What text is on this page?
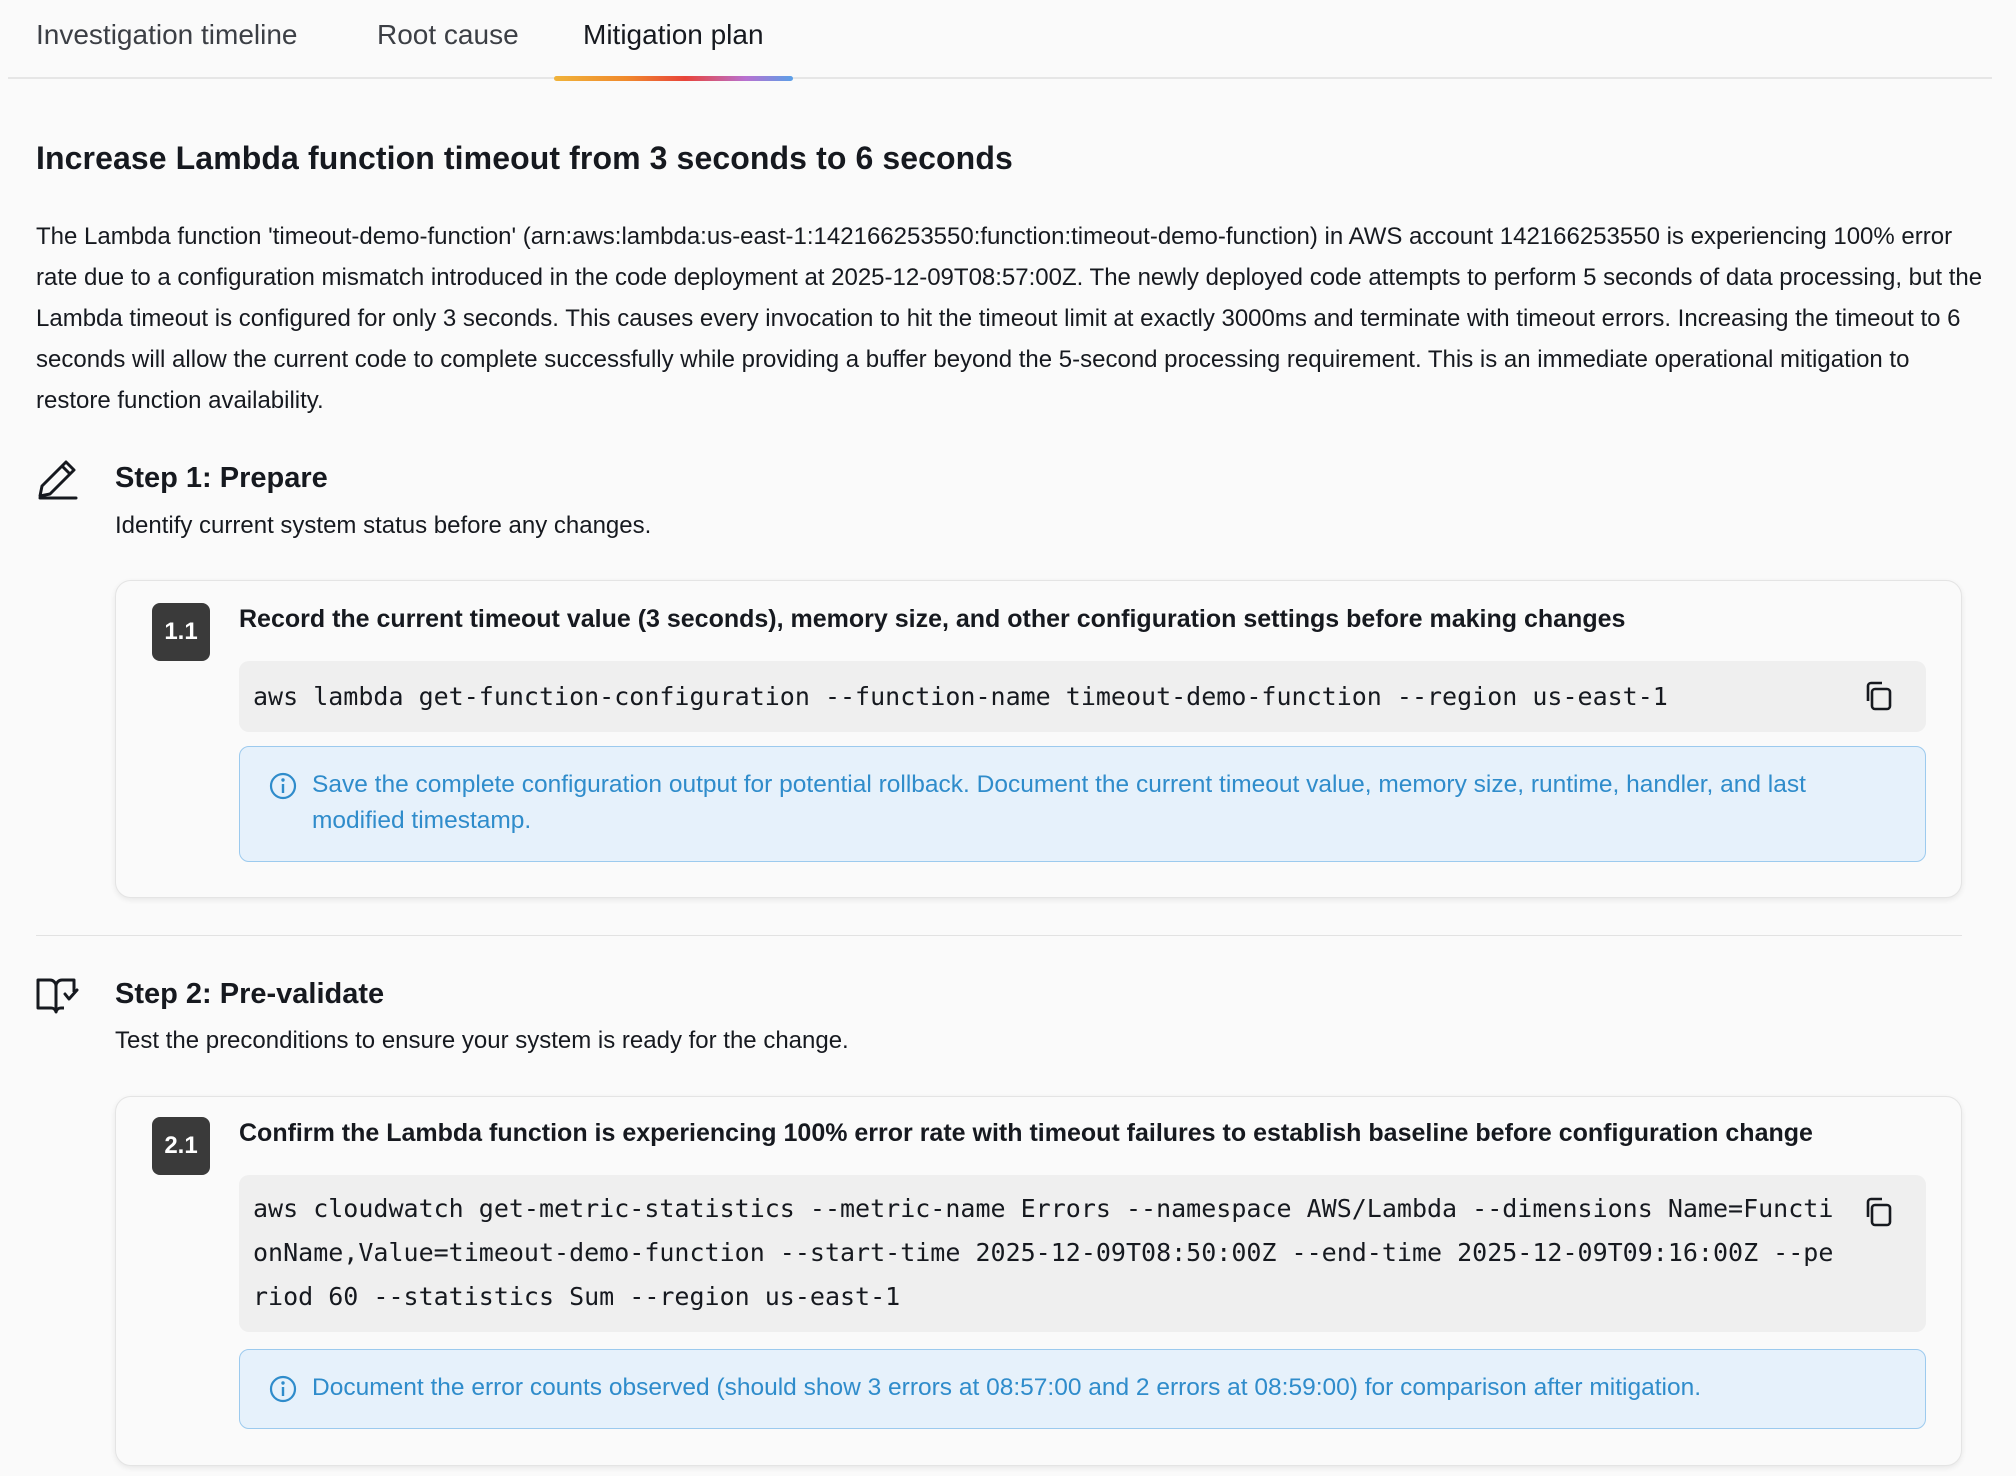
Investigation timeline	Root cause Mitigation plan
Increase Lambda function timeout from 3 seconds to 6 seconds
The Lambda function 'timeout-demo-function' (arn:aws:lambda:us-east-1:142166253550:function:timeout-demo-function) in AWS account 142166253550 is experiencing 100% error rate due to a configuration mismatch introduced in the code deployment at 2025-12-09T08:57:00Z. The newly deployed code attempts to perform 5 seconds of data processing, but the Lambda timeout is configured for only 3 seconds. This causes every invocation to hit the timeout limit at exactly 3000ms and terminate with timeout errors. Increasing the timeout to 6 seconds will allow the current code to complete successfully while providing a buffer beyond the 5-second processing requirement. This is an immediate operational mitigation to restore function availability.
Step 1: Prepare
Identify current system status before any changes.
1.1	Record the current timeout value (3 seconds), memory size, and other configuration settings before making changes
aws lambda get-function-configuration --function-name timeout-demo-function --region us-east-1
Save the complete configuration output for potential rollback. Document the current timeout value, memory size, runtime, handler, and last modified timestamp.
Step 2: Pre-validate
Test the preconditions to ensure your system is ready for the change.
2.1	Confirm the Lambda function is experiencing 100% error rate with timeout failures to establish baseline before configuration change
aws cloudwatch get-metric-statistics --metric-name Errors --namespace AWS/Lambda --dimensions Name=FunctionName,Value=timeout-demo-function --start-time 2025-12-09T08:50:00Z --end-time 2025-12-09T09:16:00Z --period 60 --statistics Sum --region us-east-1
Document the error counts observed (should show 3 errors at 08:57:00 and 2 errors at 08:59:00) for comparison after mitigation.
